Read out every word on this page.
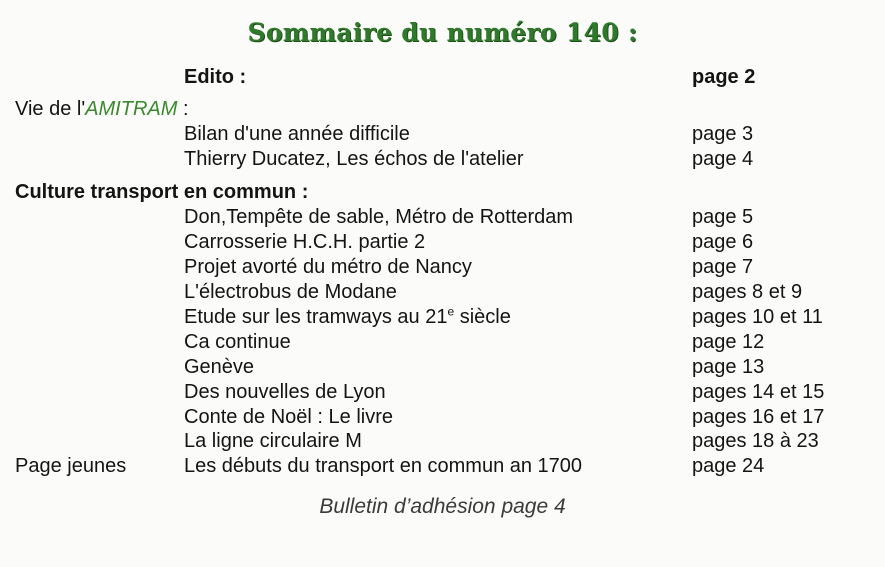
Sommaire du numéro 140 :
Edito :	page 2
Vie de l'AMITRAM :
Bilan d'une année difficile	page 3
Thierry Ducatez, Les échos de l'atelier	page 4
Culture transport en commun :
Don,Tempête de sable, Métro de Rotterdam	page 5
Carrosserie H.C.H. partie 2	page 6
Projet avorté du métro de Nancy	page 7
L'électrobus de Modane	pages 8 et 9
Etude sur les tramways au 21e siècle	pages 10 et 11
Ca continue	page 12
Genève	page 13
Des nouvelles de Lyon	pages 14 et 15
Conte de Noël : Le livre	pages 16 et 17
La ligne circulaire M	pages 18 à 23
Page jeunes	Les débuts du transport en commun an 1700	page 24
Bulletin d’adhésion page 4
